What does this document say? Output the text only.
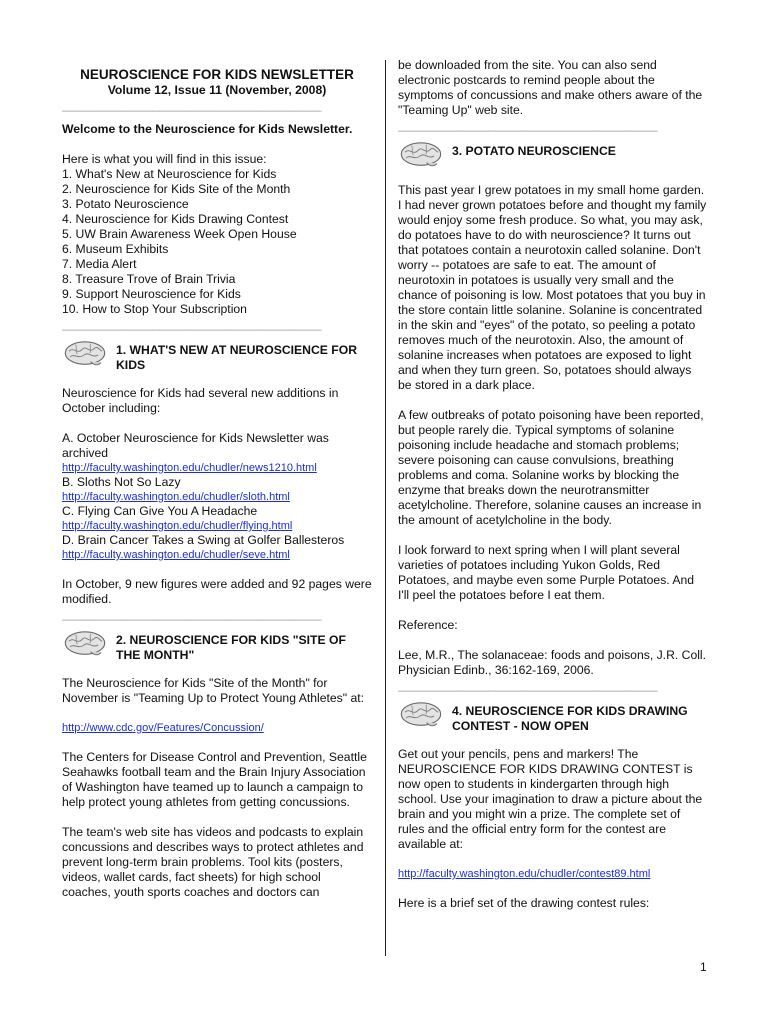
NEUROSCIENCE FOR KIDS NEWSLETTER
Volume 12, Issue 11 (November, 2008)
________________________________________

Welcome to the Neuroscience for Kids Newsletter.

Here is what you will find in this issue:

1. What's New at Neuroscience for Kids
2. Neuroscience for Kids Site of the Month
3. Potato Neuroscience
4. Neuroscience for Kids Drawing Contest
5. UW Brain Awareness Week Open House
6. Museum Exhibits
7. Media Alert
8. Treasure Trove of Brain Trivia
9. Support Neuroscience for Kids
10. How to Stop Your Subscription
________________________________________
1. WHAT'S NEW AT NEUROSCIENCE FOR KIDS

Neuroscience for Kids had several new additions in October including:

A. October Neuroscience for Kids Newsletter was archived

http://faculty.washington.edu/chudler/news1210.html

B. Sloths Not So Lazy

http://faculty.washington.edu/chudler/sloth.html

C. Flying Can Give You A Headache

http://faculty.washington.edu/chudler/flying.html

D. Brain Cancer Takes a Swing at Golfer Ballesteros

http://faculty.washington.edu/chudler/seve.html

In October, 9 new figures were added and 92 pages were modified.

________________________________________
2. NEUROSCIENCE FOR KIDS "SITE OF THE MONTH"

The Neuroscience for Kids "Site of the Month" for November is "Teaming Up to Protect Young Athletes" at:

http://www.cdc.gov/Features/Concussion/

The Centers for Disease Control and Prevention, Seattle Seahawks football team and the Brain Injury Association of Washington have teamed up to launch a campaign to help protect young athletes from getting concussions.

The team's web site has videos and podcasts to explain concussions and describes ways to protect athletes and prevent long-term brain problems. Tool kits (posters, videos, wallet cards, fact sheets) for high school coaches, youth sports coaches and doctors can

be downloaded from the site. You can also send electronic postcards to remind people about the symptoms of concussions and make others aware of the "Teaming Up" web site.

________________________________________
3. POTATO NEUROSCIENCE

This past year I grew potatoes in my small home garden. I had never grown potatoes before and thought my family would enjoy some fresh produce. So what, you may ask, do potatoes have to do with neuroscience? It turns out that potatoes contain a neurotoxin called solanine. Don't worry -- potatoes are safe to eat. The amount of neurotoxin in potatoes is usually very small and the chance of poisoning is low. Most potatoes that you buy in the store contain little solanine. Solanine is concentrated in the skin and "eyes" of the potato, so peeling a potato removes much of the neurotoxin. Also, the amount of solanine increases when potatoes are exposed to light and when they turn green. So, potatoes should always be stored in a dark place.

A few outbreaks of potato poisoning have been reported, but people rarely die. Typical symptoms of solanine poisoning include headache and stomach problems; severe poisoning can cause convulsions, breathing problems and coma. Solanine works by blocking the enzyme that breaks down the neurotransmitter acetylcholine. Therefore, solanine causes an increase in the amount of acetylcholine in the body.

I look forward to next spring when I will plant several varieties of potatoes including Yukon Golds, Red Potatoes, and maybe even some Purple Potatoes. And I'll peel the potatoes before I eat them.

Reference:

Lee, M.R., The solanaceae: foods and poisons, J.R. Coll. Physician Edinb., 36:162-169, 2006.

________________________________________
4. NEUROSCIENCE FOR KIDS DRAWING CONTEST - NOW OPEN

Get out your pencils, pens and markers! The NEUROSCIENCE FOR KIDS DRAWING CONTEST is now open to students in kindergarten through high school. Use your imagination to draw a picture about the brain and you might win a prize. The complete set of rules and the official entry form for the contest are available at:

http://faculty.washington.edu/chudler/contest89.html

Here is a brief set of the drawing contest rules:

1
